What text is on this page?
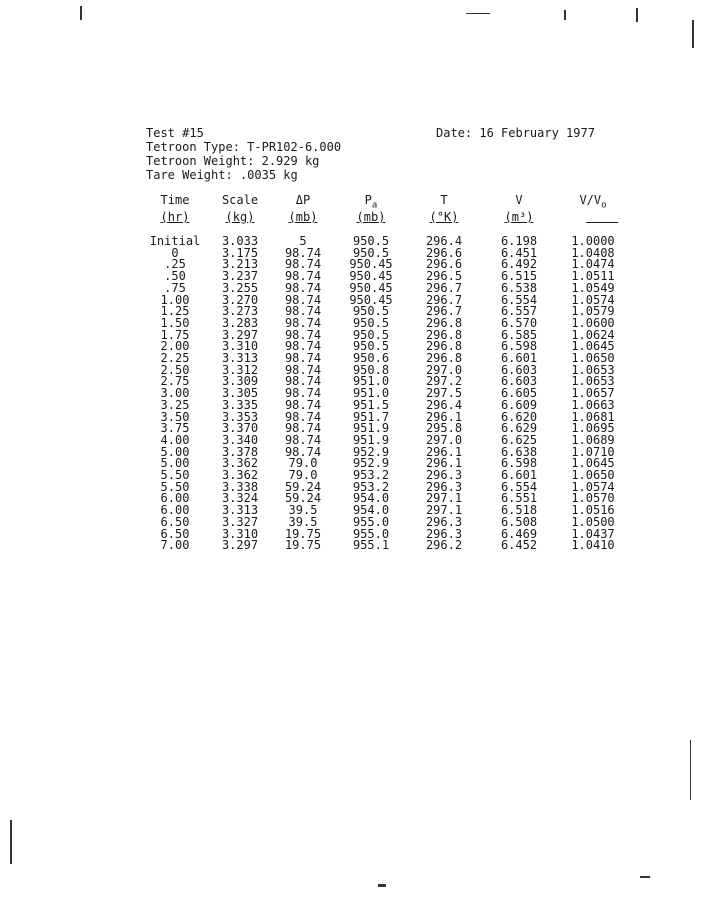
Test #15
Tetroon Type: T-PR102-6.000
Tetroon Weight: 2.929 kg
Tare Weight: .0035 kg
Date: 16 February 1977
Time	Scale	ΔP	$P_a$	T	V	$V/V_o$
(hr)	(kg)	(mb)	(mb)	(°K)	(m³)
Initial	3.033	5	950.5	296.4	6.198	1.0000
0	3.175	98.74	950.5	296.6	6.451	1.0408
.25	3.213	98.74	950.45	296.6	6.492	1.0474
.50	3.237	98.74	950.45	296.5	6.515	1.0511
.75	3.255	98.74	950.45	296.7	6.538	1.0549
1.00	3.270	98.74	950.45	296.7	6.554	1.0574
1.25	3.273	98.74	950.5	296.7	6.557	1.0579
1.50	3.283	98.74	950.5	296.8	6.570	1.0600
1.75	3.297	98.74	950.5	296.8	6.585	1.0624
2.00	3.310	98.74	950.5	296.8	6.598	1.0645
2.25	3.313	98.74	950.6	296.8	6.601	1.0650
2.50	3.312	98.74	950.8	297.0	6.603	1.0653
2.75	3.309	98.74	951.0	297.2	6.603	1.0653
3.00	3.305	98.74	951.0	297.5	6.605	1.0657
3.25	3.335	98.74	951.5	296.4	6.609	1.0663
3.50	3.353	98.74	951.7	296.1	6.620	1.0681
3.75	3.370	98.74	951.9	295.8	6.629	1.0695
4.00	3.340	98.74	951.9	297.0	6.625	1.0689
5.00	3.378	98.74	952.9	296.1	6.638	1.0710
5.00	3.362	79.0	952.9	296.1	6.598	1.0645
5.50	3.362	79.0	953.2	296.3	6.601	1.0650
5.50	3.338	59.24	953.2	296.3	6.554	1.0574
6.00	3.324	59.24	954.0	297.1	6.551	1.0570
6.00	3.313	39.5	954.0	297.1	6.518	1.0516
6.50	3.327	39.5	955.0	296.3	6.508	1.0500
6.50	3.310	19.75	955.0	296.3	6.469	1.0437
7.00	3.297	19.75	955.1	296.2	6.452	1.0410
